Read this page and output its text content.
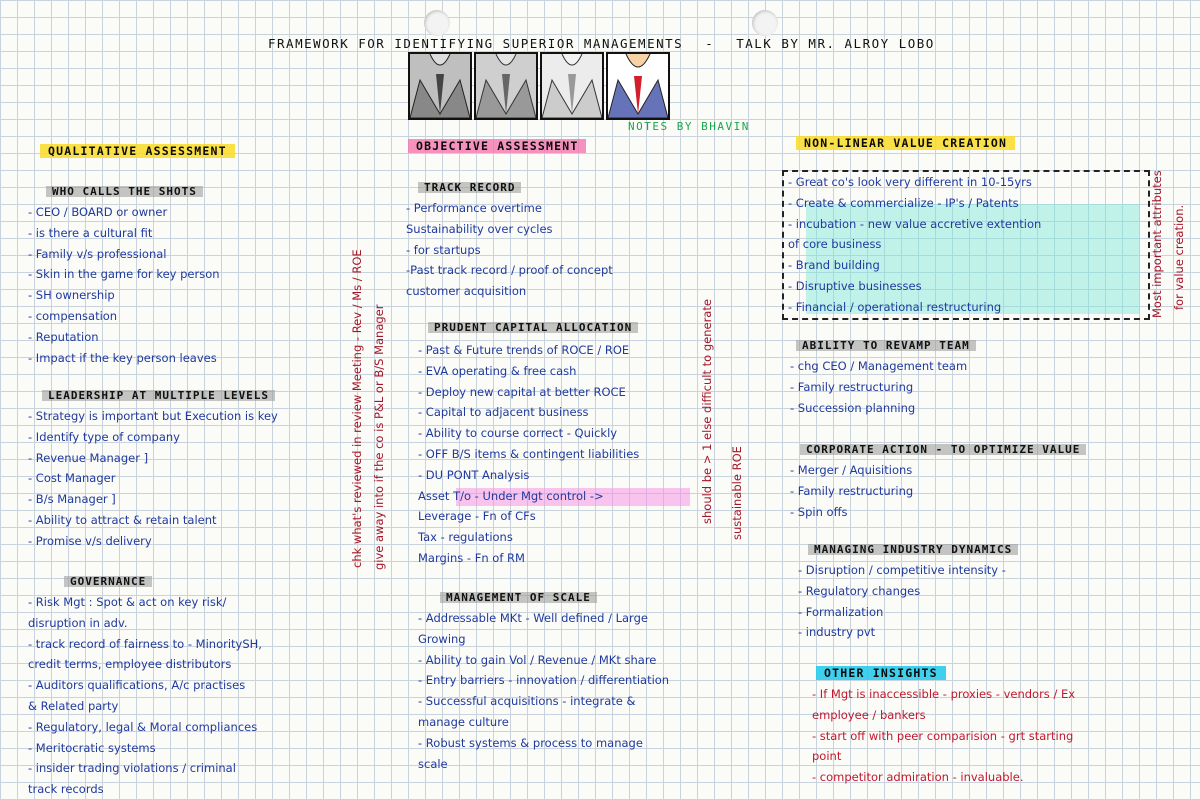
FRAMEWORK FOR IDENTIFYING SUPERIOR MANAGEMENTS - TALK BY MR. ALROY LOBO
NOTES BY BHAVIN
QUALITATIVE ASSESSMENT
WHO CALLS THE SHOTS
- CEO / BOARD or owner
- is there a cultural fit
- Family v/s professional
- Skin in the game for key person
- SH ownership
- compensation
- Reputation
- Impact if the key person leaves
LEADERSHIP AT MULTIPLE LEVELS
- Strategy is important but Execution is key
- Identify type of company
- Revenue Manager ]
- Cost Manager
- B/s Manager ]
- Ability to attract & retain talent
- Promise v/s delivery
GOVERNANCE
- Risk Mgt : Spot & act on key risk/
disruption in adv.
- track record of fairness to - MinoritySH,
credit terms, employee distributors
- Auditors qualifications, A/c practises
& Related party
- Regulatory, legal & Moral compliances
- Meritocratic systems
- insider trading violations / criminal
track records
chk what's reviewed in review Meeting - Rev / Ms / ROE give away into if the co is P&L or B/S Manager
OBJECTIVE ASSESSMENT
TRACK RECORD
- Performance overtime
Sustainability over cycles
- for startups
-Past track record / proof of concept
customer acquisition
PRUDENT CAPITAL ALLOCATION
- Past & Future trends of ROCE / ROE
- EVA operating & free cash
- Deploy new capital at better ROCE
- Capital to adjacent business
- Ability to course correct - Quickly
- OFF B/S items & contingent liabilities
- DU PONT Analysis
Asset T/o - Under Mgt control ->
Leverage - Fn of CFs
Tax - regulations
Margins - Fn of RM
MANAGEMENT OF SCALE
- Addressable MKt - Well defined / Large
Growing
- Ability to gain Vol / Revenue / MKt share
- Entry barriers - innovation / differentiation
- Successful acquisitions - integrate &
manage culture
- Robust systems & process to manage
scale
should be > 1 else difficult to generate sustainable ROE
NON-LINEAR VALUE CREATION
- Great co's look very different in 10-15yrs
- Create & commercialize - IP's / Patents
- incubation - new value accretive extention
of core business
- Brand building
- Disruptive businesses
- Financial / operational restructuring	Most important attributes for value creation.
ABILITY TO REVAMP TEAM
- chg CEO / Management team
- Family restructuring
- Succession planning
CORPORATE ACTION - TO OPTIMIZE VALUE
- Merger / Aquisitions
- Family restructuring
- Spin offs
MANAGING INDUSTRY DYNAMICS
- Disruption / competitive intensity -
- Regulatory changes
- Formalization
- industry pvt
OTHER INSIGHTS
- If Mgt is inaccessible - proxies - vendors / Ex
employee / bankers
- start off with peer comparision - grt starting
point
- competitor admiration - invaluable.
